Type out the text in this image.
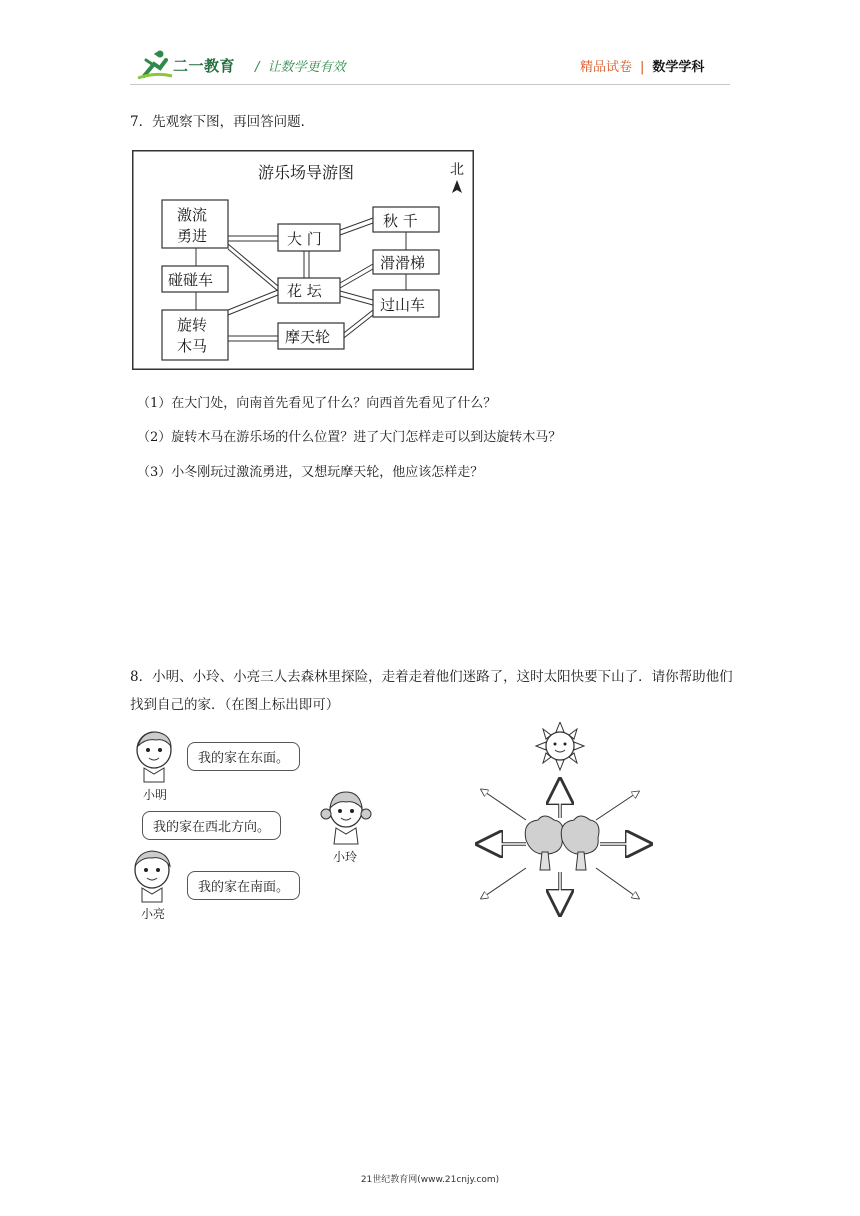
二一教育 /  让数学更有效	精品试卷 | 数学学科
7．先观察下图，再回答问题．
游乐场导游图	北
激流
勇进	大 门
秋 千
滑滑梯
碰碰车
花 坛
过山车
旋转
木马	摩天轮
（1）在大门处，向南首先看见了什么？向西首先看见了什么？
（2）旋转木马在游乐场的什么位置？进了大门怎样走可以到达旋转木马？
（3）小冬刚玩过激流勇进，又想玩摩天轮，他应该怎样走？
8．小明、小玲、小亮三人去森林里探险，走着走着他们迷路了，这时太阳快要下山了．请你帮助他们找到自己的家．（在图上标出即可）
小明
我的家在东面。
我的家在西北方向。
小玲
小亮
我的家在南面。
21世纪教育网(www.21cnjy.com)
